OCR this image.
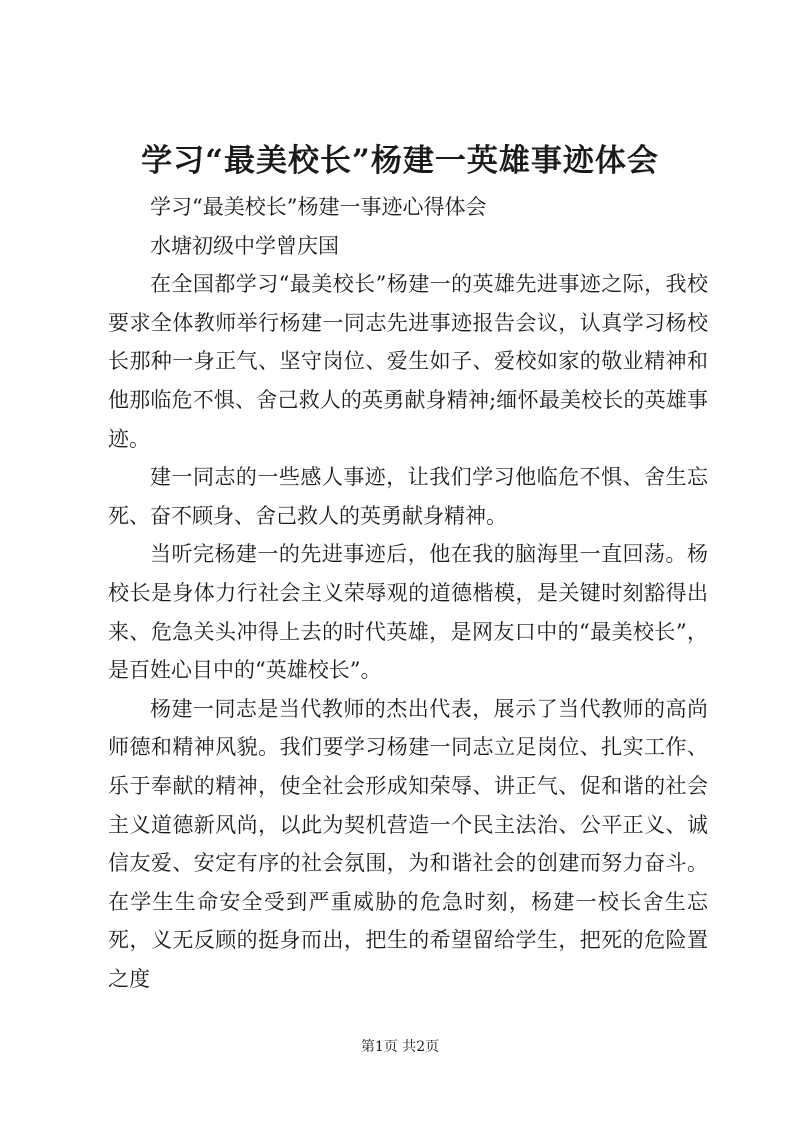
学习“最美校长”杨建一英雄事迹体会

学习“最美校长”杨建一事迹心得体会

水塘初级中学曾庆国

在全国都学习“最美校长”杨建一的英雄先进事迹之际，我校要求全体教师举行杨建一同志先进事迹报告会议，认真学习杨校长那种一身正气、坚守岗位、爱生如子、爱校如家的敬业精神和他那临危不惧、舍己救人的英勇献身精神;缅怀最美校长的英雄事迹。

建一同志的一些感人事迹，让我们学习他临危不惧、舍生忘死、奋不顾身、舍己救人的英勇献身精神。

当听完杨建一的先进事迹后，他在我的脑海里一直回荡。杨校长是身体力行社会主义荣辱观的道德楷模，是关键时刻豁得出来、危急关头冲得上去的时代英雄，是网友口中的“最美校长”，是百姓心目中的“英雄校长”。

杨建一同志是当代教师的杰出代表，展示了当代教师的高尚师德和精神风貌。我们要学习杨建一同志立足岗位、扎实工作、乐于奉献的精神，使全社会形成知荣辱、讲正气、促和谐的社会主义道德新风尚，以此为契机营造一个民主法治、公平正义、诚信友爱、安定有序的社会氛围，为和谐社会的创建而努力奋斗。在学生生命安全受到严重威胁的危急时刻，杨建一校长舍生忘死，义无反顾的挺身而出，把生的希望留给学生，把死的危险置之度

第1页 共2页
